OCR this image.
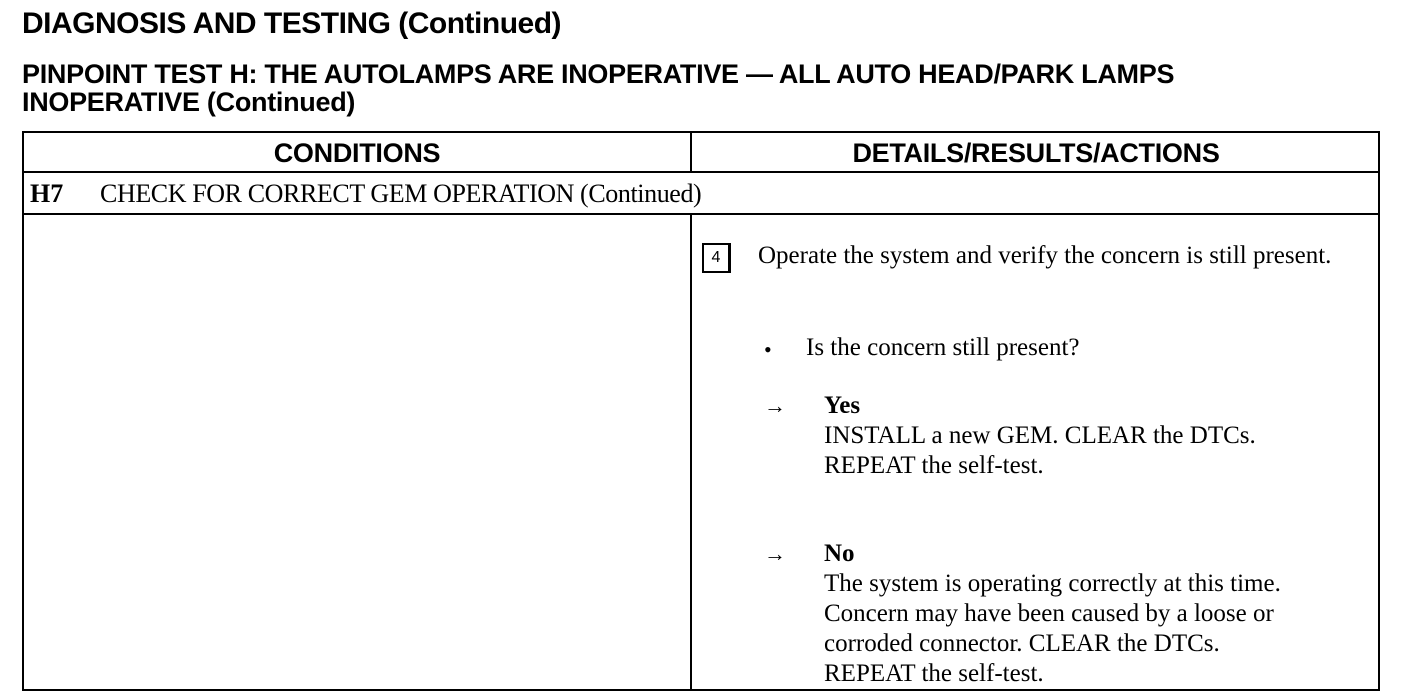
DIAGNOSIS AND TESTING (Continued)
PINPOINT TEST H: THE AUTOLAMPS ARE INOPERATIVE — ALL AUTO HEAD/PARK LAMPS
INOPERATIVE (Continued)
CONDITIONS	DETAILS/RESULTS/ACTIONS
H7 CHECK FOR CORRECT GEM OPERATION (Continued)
4	Operate the system and verify the concern is still present.
•	Is the concern still present?
→	Yes
INSTALL a new GEM. CLEAR the DTCs.
REPEAT the self-test.
→	No
The system is operating correctly at this time.
Concern may have been caused by a loose or
corroded connector. CLEAR the DTCs.
REPEAT the self-test.
